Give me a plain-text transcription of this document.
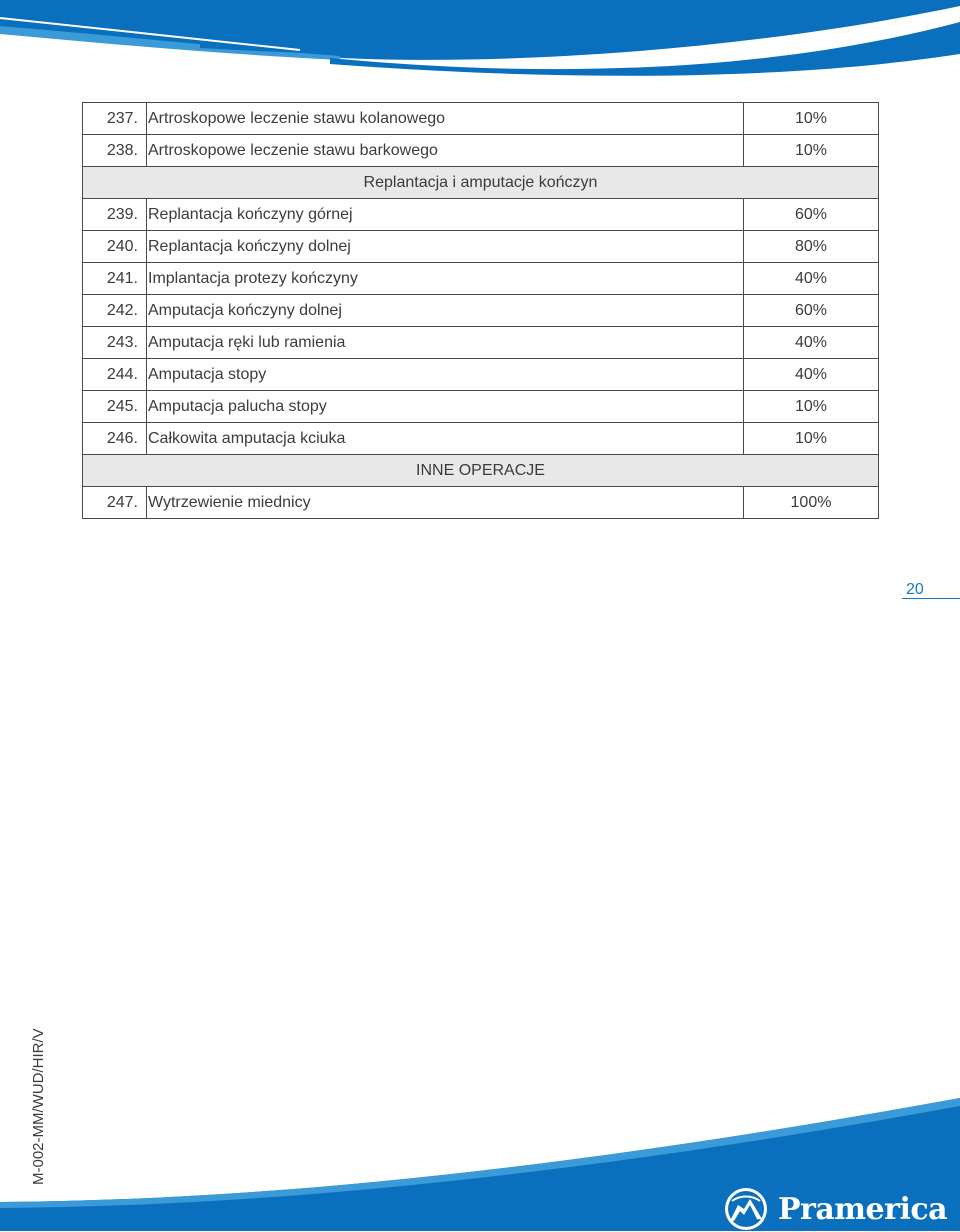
237.	Artroskopowe leczenie stawu kolanowego	10%
238.	Artroskopowe leczenie stawu barkowego	10%
Replantacja i amputacje kończyn		
239.	Replantacja kończyny górnej	60%
240.	Replantacja kończyny dolnej	80%
241.	Implantacja protezy kończyny	40%
242.	Amputacja kończyny dolnej	60%
243.	Amputacja ręki lub ramienia	40%
244.	Amputacja stopy	40%
245.	Amputacja palucha stopy	10%
246.	Całkowita amputacja kciuka	10%
INNE OPERACJE		
247.	Wytrzewienie miednicy	100%
20
M-002-MM/WUD/HIR/V
Pramerica
